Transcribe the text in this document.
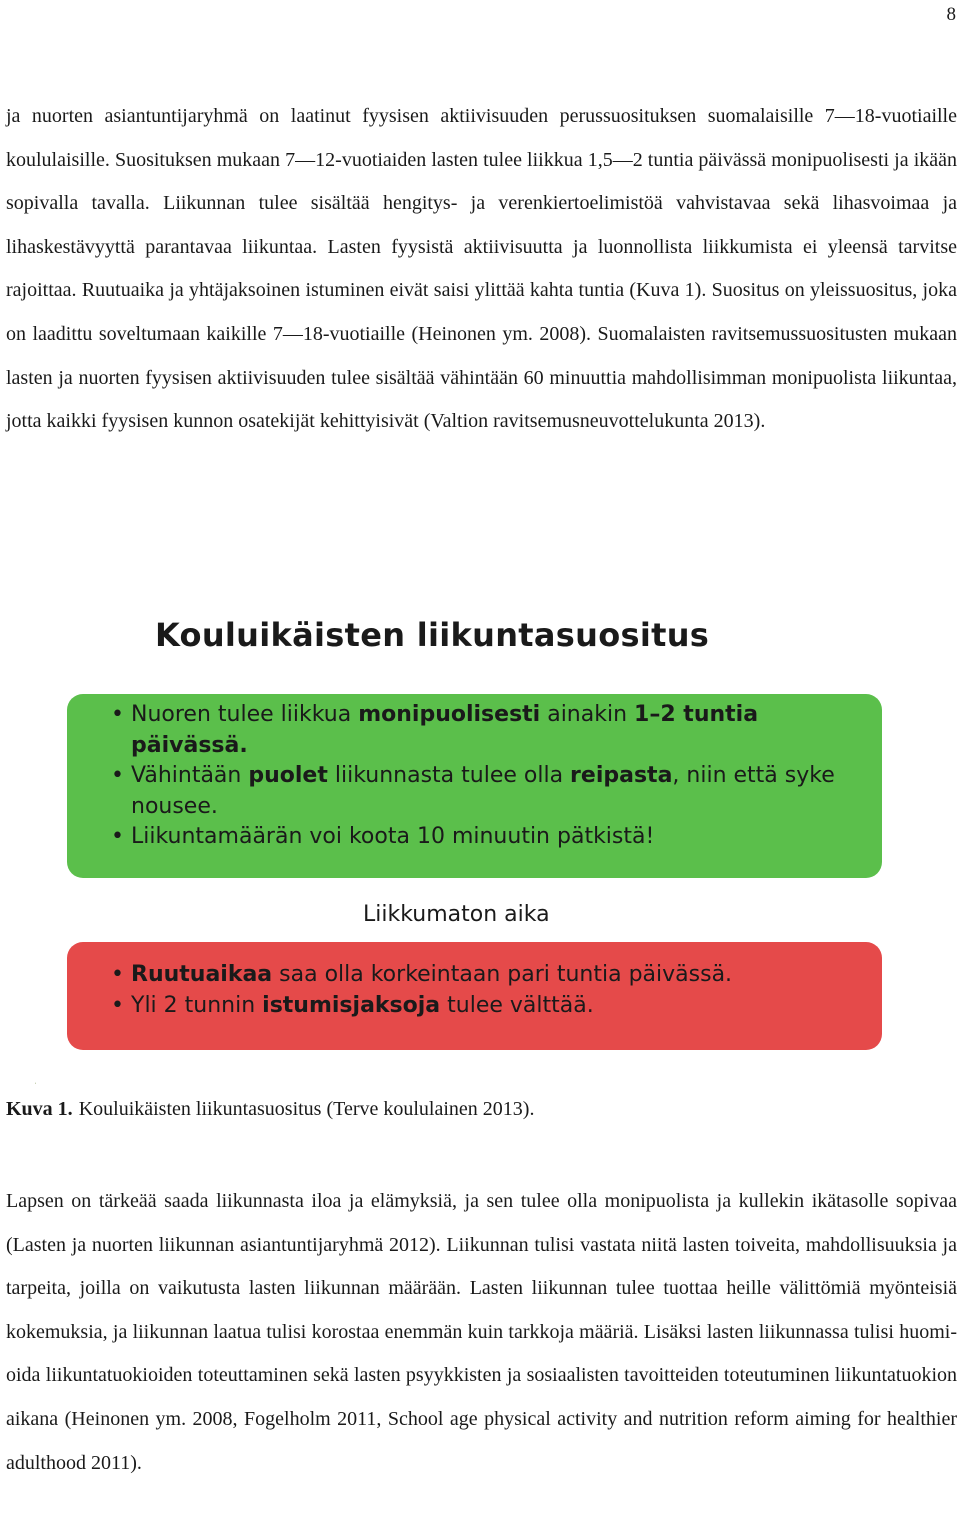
8

ja nuorten asiantuntijaryhmä on laatinut fyysisen aktiivisuuden perussuosituksen suomalaisille 7—18-vuotiaille koululaisille. Suosituksen mukaan 7—12-vuotiaiden lasten tulee liikkua 1,5—2 tuntia päivässä monipuolisesti ja ikään sopivalla tavalla. Liikunnan tulee sisältää hengitys- ja verenkiertoelimistöä vahvistavaa sekä lihasvoimaa ja lihaskestävyyttä parantavaa liikuntaa. Lasten fyysistä aktiivisuutta ja luonnollista liikkumista ei yleensä tarvitse rajoittaa. Ruutuaika ja yhtäjaksoinen istuminen eivät saisi ylittää kahta tuntia (Kuva 1). Suositus on yleissuositus, joka on laadittu soveltumaan kaikille 7—18-vuotiaille (Heinonen ym. 2008). Suomalaisten ravitsemussuositusten mukaan lasten ja nuorten fyysisen aktiivisuuden tulee sisältää vähintään 60 minuuttia mahdollisimman monipuolista liikuntaa, jotta kaikki fyysisen kunnon osatekijät kehittyisivät (Valtion ravitsemusneuvottelukunta 2013).

Kouluikäisten liikuntasuositus
• Nuoren tulee liikkua monipuolisesti ainakin 1–2 tuntia päivässä.
• Vähintään puolet liikunnasta tulee olla reipasta, niin että syke nousee.
• Liikuntamäärän voi koota 10 minuutin pätkistä!
Liikkumaton aika
• Ruutuaikaa saa olla korkeintaan pari tuntia päivässä.
• Yli 2 tunnin istumisjaksoja tulee välttää.
ˌ

Kuva 1. Kouluikäisten liikuntasuositus (Terve koululainen 2013).

Lapsen on tärkeää saada liikunnasta iloa ja elämyksiä, ja sen tulee olla monipuolista ja kullekin ikätasolle sopivaa (Lasten ja nuorten liikunnan asiantuntijaryhmä 2012). Liikunnan tulisi vastata niitä lasten toiveita, mahdollisuuksia ja tarpeita, joilla on vaikutusta lasten liikunnan määrään. Lasten liikunnan tulee tuottaa heille välittömiä myönteisiä kokemuksia, ja liikunnan laatua tulisi korostaa enemmän kuin tarkkoja määriä. Lisäksi lasten liikunnassa tulisi huomioida liikuntatuokioiden toteuttaminen sekä lasten psyykkisten ja sosiaalisten tavoitteiden toteutuminen liikuntatuokion aikana (Heinonen ym. 2008, Fogelholm 2011, School age physical activity and nutrition reform aiming for healthier adulthood 2011).
